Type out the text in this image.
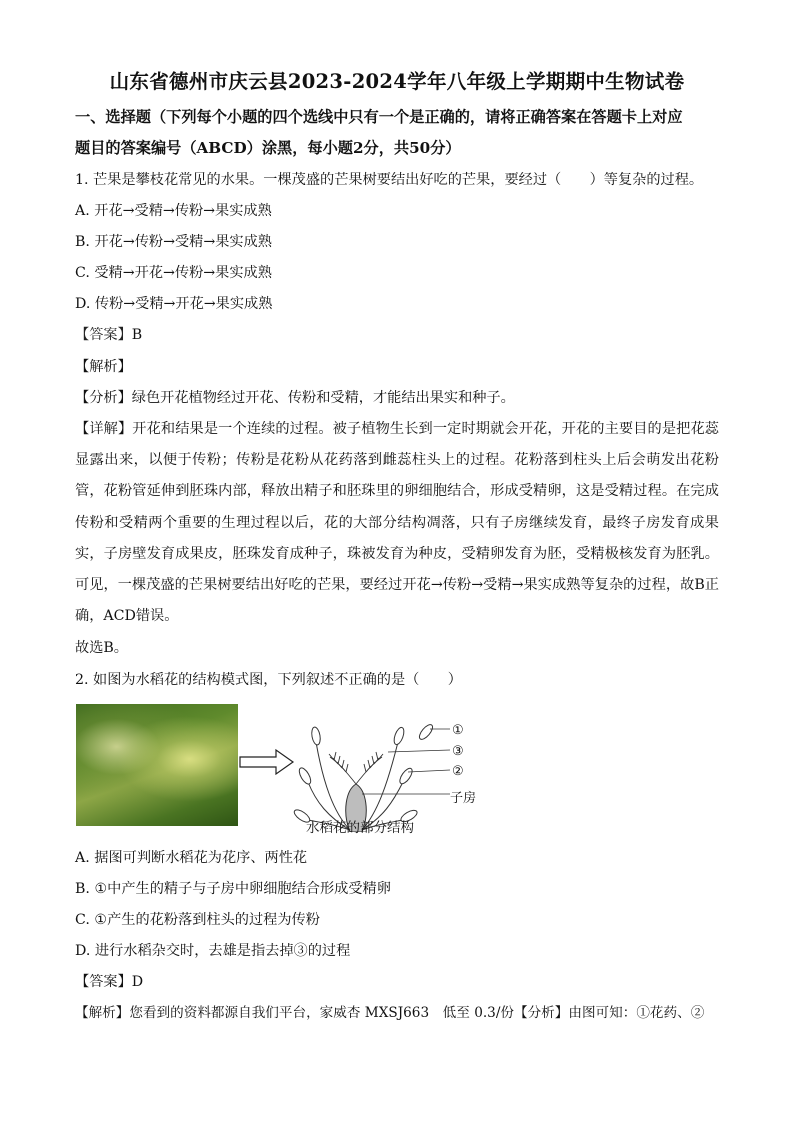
山东省德州市庆云县2023-2024学年八年级上学期期中生物试卷
一、选择题（下列每个小题的四个选线中只有一个是正确的，请将正确答案在答题卡上对应
题目的答案编号（ABCD）涂黑，每小题2分，共50分）
1. 芒果是攀枝花常见的水果。一棵茂盛的芒果树要结出好吃的芒果，要经过（　　）等复杂的过程。
A. 开花→受精→传粉→果实成熟
B. 开花→传粉→受精→果实成熟
C. 受精→开花→传粉→果实成熟
D. 传粉→受精→开花→果实成熟
【答案】B
【解析】
【分析】绿色开花植物经过开花、传粉和受精，才能结出果实和种子。
【详解】开花和结果是一个连续的过程。被子植物生长到一定时期就会开花，开花的主要目的是把花蕊显露出来，以便于传粉；传粉是花粉从花药落到雌蕊柱头上的过程。花粉落到柱头上后会萌发出花粉管，花粉管延伸到胚珠内部，释放出精子和胚珠里的卵细胞结合，形成受精卵，这是受精过程。在完成传粉和受精两个重要的生理过程以后，花的大部分结构凋落，只有子房继续发育，最终子房发育成果实，子房壁发育成果皮，胚珠发育成种子，珠被发育为种皮，受精卵发育为胚，受精极核发育为胚乳。可见，一棵茂盛的芒果树要结出好吃的芒果，要经过开花→传粉→受精→果实成熟等复杂的过程，故B正确，ACD错误。
故选B。
2. 如图为水稻花的结构模式图，下列叙述不正确的是（　　）
①
③
②
子房
水稻花的部分结构
A. 据图可判断水稻花为花序、两性花
B. ①中产生的精子与子房中卵细胞结合形成受精卵
C. ①产生的花粉落到柱头的过程为传粉
D. 进行水稻杂交时，去雄是指去掉③的过程
【答案】D
【解析】您看到的资料都源自我们平台，家威杏 MXSJ663　低至 0.3/份【分析】由图可知：①花药、②
